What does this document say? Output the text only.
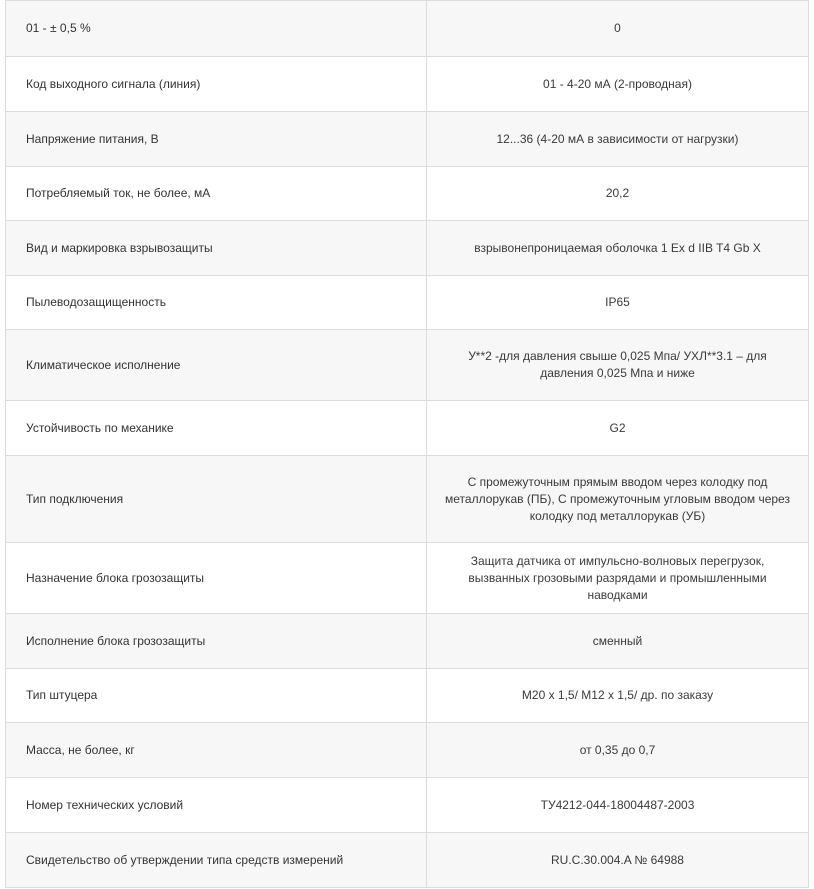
01 - ± 0,5 %	0
Код выходного сигнала (линия)	01 - 4-20 мА (2-проводная)
Напряжение питания, В	12...36 (4-20 мА в зависимости от нагрузки)
Потребляемый ток, не более, мА	20,2
Вид и маркировка взрывозащиты	взрывонепроницаемая оболочка 1 Ex d IIB T4 Gb X
Пылеводозащищенность	IP65
Климатическое исполнение	У**2 -для давления свыше 0,025 Мпа/ УХЛ**3.1 – для давления 0,025 Мпа и ниже
Устойчивость по механике	G2
Тип подключения	С промежуточным прямым вводом через колодку под металлорукав (ПБ), С промежуточным угловым вводом через колодку под металлорукав (УБ)
Назначение блока грозозащиты	Защита датчика от импульсно-волновых перегрузок, вызванных грозовыми разрядами и промышленными наводками
Исполнение блока грозозащиты	сменный
Тип штуцера	М20 х 1,5/ М12 х 1,5/ др. по заказу
Масса, не более, кг	от 0,35 до 0,7
Номер технических условий	ТУ4212-044-18004487-2003
Свидетельство об утверждении типа средств измерений	RU.C.30.004.A № 64988
